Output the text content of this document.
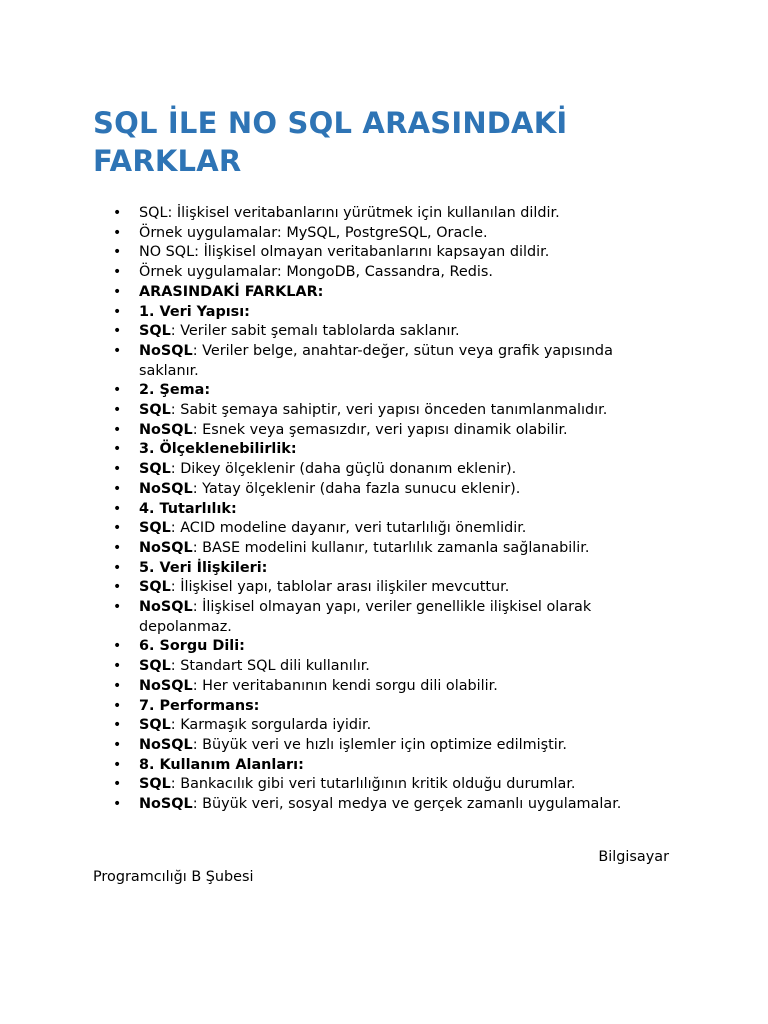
SQL İLE NO SQL ARASINDAKİ FARKLAR
• SQL: İlişkisel veritabanlarını yürütmek için kullanılan dildir.
• Örnek uygulamalar: MySQL, PostgreSQL, Oracle.
• NO SQL: İlişkisel olmayan veritabanlarını kapsayan dildir.
• Örnek uygulamalar: MongoDB, Cassandra, Redis.
• ARASINDAKİ FARKLAR:
• 1. Veri Yapısı:
• SQL: Veriler sabit şemalı tablolarda saklanır.
• NoSQL: Veriler belge, anahtar-değer, sütun veya grafik yapısında saklanır.
• 2. Şema:
• SQL: Sabit şemaya sahiptir, veri yapısı önceden tanımlanmalıdır.
• NoSQL: Esnek veya şemasızdır, veri yapısı dinamik olabilir.
• 3. Ölçeklenebilirlik:
• SQL: Dikey ölçeklenir (daha güçlü donanım eklenir).
• NoSQL: Yatay ölçeklenir (daha fazla sunucu eklenir).
• 4. Tutarlılık:
• SQL: ACID modeline dayanır, veri tutarlılığı önemlidir.
• NoSQL: BASE modelini kullanır, tutarlılık zamanla sağlanabilir.
• 5. Veri İlişkileri:
• SQL: İlişkisel yapı, tablolar arası ilişkiler mevcuttur.
• NoSQL: İlişkisel olmayan yapı, veriler genellikle ilişkisel olarak depolanmaz.
• 6. Sorgu Dili:
• SQL: Standart SQL dili kullanılır.
• NoSQL: Her veritabanının kendi sorgu dili olabilir.
• 7. Performans:
• SQL: Karmaşık sorgularda iyidir.
• NoSQL: Büyük veri ve hızlı işlemler için optimize edilmiştir.
• 8. Kullanım Alanları:
• SQL: Bankacılık gibi veri tutarlılığının kritik olduğu durumlar.
• NoSQL: Büyük veri, sosyal medya ve gerçek zamanlı uygulamalar.
Bilgisayar
Programcılığı B Şubesi
